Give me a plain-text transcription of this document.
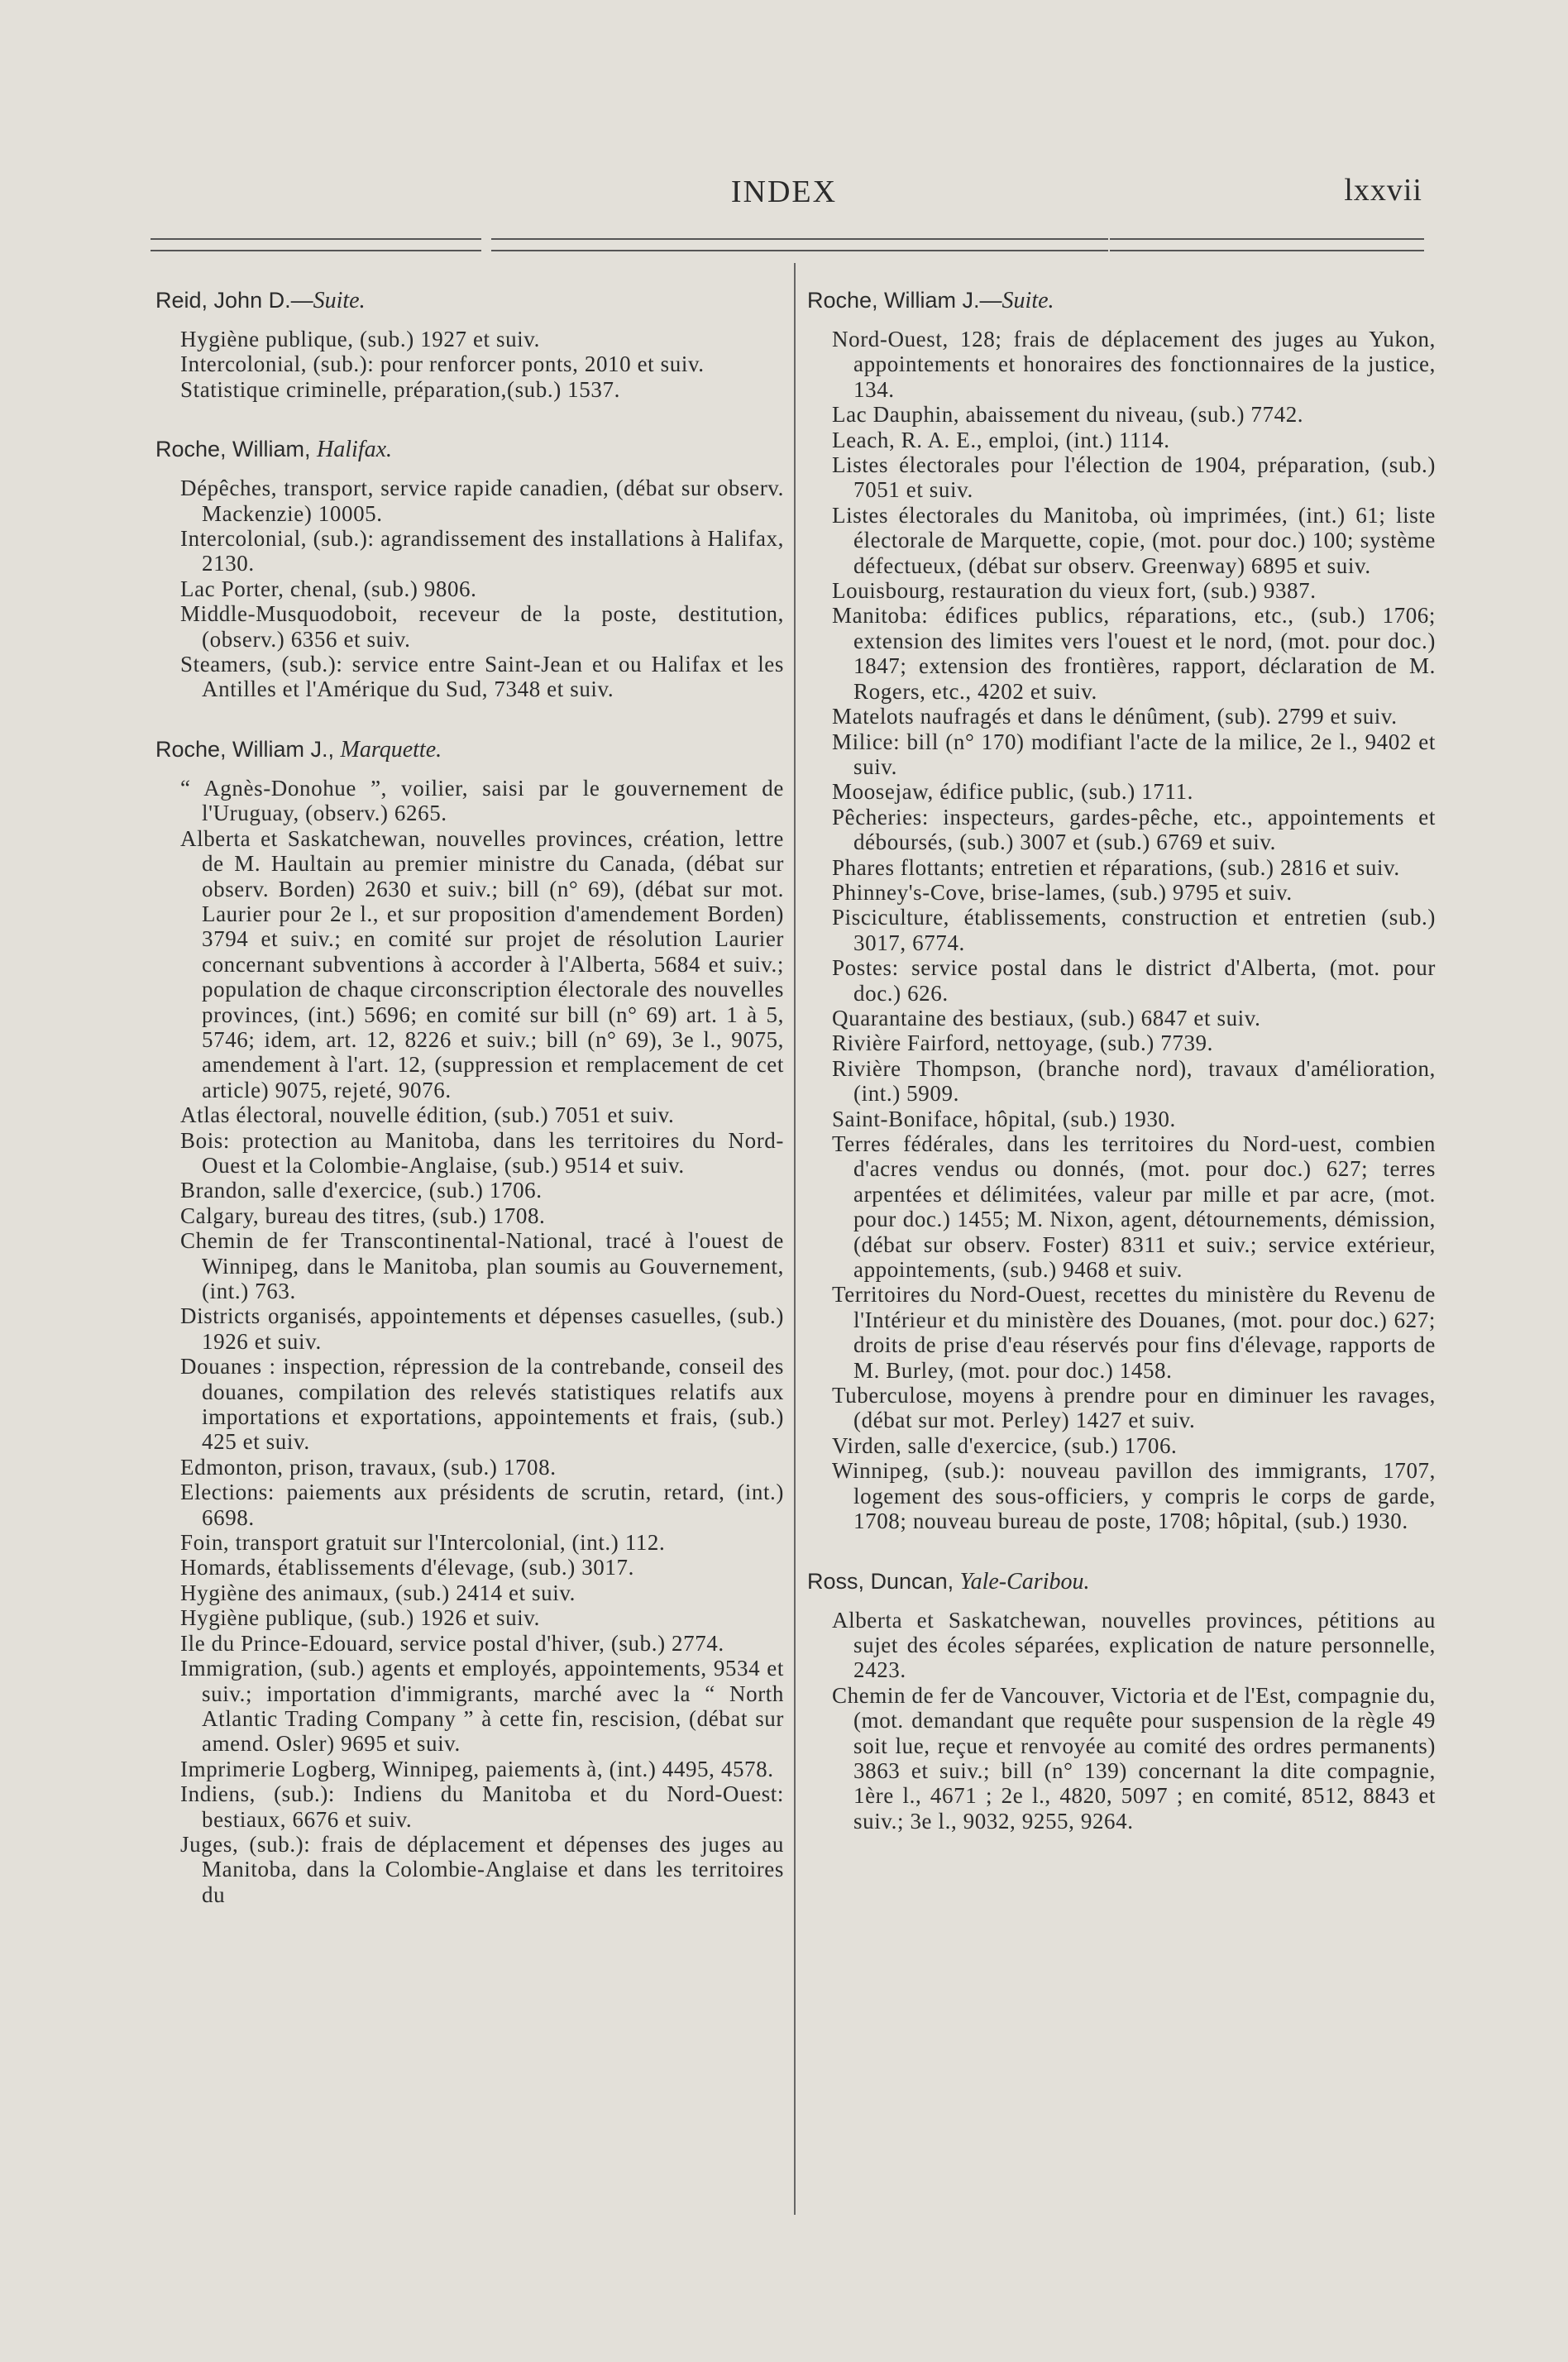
INDEX	lxxvii
Reid, John D.—Suite.
Hygiène publique, (sub.) 1927 et suiv.
Intercolonial, (sub.): pour renforcer ponts, 2010 et suiv.
Statistique criminelle, préparation,(sub.) 1537.
Roche, William, Halifax.
Dépêches, transport, service rapide canadien, (débat sur observ. Mackenzie) 10005.
Intercolonial, (sub.): agrandissement des installations à Halifax, 2130.
Lac Porter, chenal, (sub.) 9806.
Middle-Musquodoboit, receveur de la poste, destitution, (observ.) 6356 et suiv.
Steamers, (sub.): service entre Saint-Jean et ou Halifax et les Antilles et l'Amérique du Sud, 7348 et suiv.
Roche, William J., Marquette.
“ Agnès-Donohue ”, voilier, saisi par le gouvernement de l'Uruguay, (observ.) 6265.
Alberta et Saskatchewan, nouvelles provinces, création, lettre de M. Haultain au premier ministre du Canada, (débat sur observ. Borden) 2630 et suiv.; bill (n° 69), (débat sur mot. Laurier pour 2e l., et sur proposition d'amendement Borden) 3794 et suiv.; en comité sur projet de résolution Laurier concernant subventions à accorder à l'Alberta, 5684 et suiv.; population de chaque circonscription électorale des nouvelles provinces, (int.) 5696; en comité sur bill (n° 69) art. 1 à 5, 5746; idem, art. 12, 8226 et suiv.; bill (n° 69), 3e l., 9075, amendement à l'art. 12, (suppression et remplacement de cet article) 9075, rejeté, 9076.
Atlas électoral, nouvelle édition, (sub.) 7051 et suiv.
Bois: protection au Manitoba, dans les territoires du Nord-Ouest et la Colombie-Anglaise, (sub.) 9514 et suiv.
Brandon, salle d'exercice, (sub.) 1706.
Calgary, bureau des titres, (sub.) 1708.
Chemin de fer Transcontinental-National, tracé à l'ouest de Winnipeg, dans le Manitoba, plan soumis au Gouvernement, (int.) 763.
Districts organisés, appointements et dépenses casuelles, (sub.) 1926 et suiv.
Douanes : inspection, répression de la contrebande, conseil des douanes, compilation des relevés statistiques relatifs aux importations et exportations, appointements et frais, (sub.) 425 et suiv.
Edmonton, prison, travaux, (sub.) 1708.
Elections: paiements aux présidents de scrutin, retard, (int.) 6698.
Foin, transport gratuit sur l'Intercolonial, (int.) 112.
Homards, établissements d'élevage, (sub.) 3017.
Hygiène des animaux, (sub.) 2414 et suiv.
Hygiène publique, (sub.) 1926 et suiv.
Ile du Prince-Edouard, service postal d'hiver, (sub.) 2774.
Immigration, (sub.) agents et employés, appointements, 9534 et suiv.; importation d'immigrants, marché avec la “ North Atlantic Trading Company ” à cette fin, rescision, (débat sur amend. Osler) 9695 et suiv.
Imprimerie Logberg, Winnipeg, paiements à, (int.) 4495, 4578.
Indiens, (sub.): Indiens du Manitoba et du Nord-Ouest: bestiaux, 6676 et suiv.
Juges, (sub.): frais de déplacement et dépenses des juges au Manitoba, dans la Colombie-Anglaise et dans les territoires du
Roche, William J.—Suite.
Nord-Ouest, 128; frais de déplacement des juges au Yukon, appointements et honoraires des fonctionnaires de la justice, 134.
Lac Dauphin, abaissement du niveau, (sub.) 7742.
Leach, R. A. E., emploi, (int.) 1114.
Listes électorales pour l'élection de 1904, préparation, (sub.) 7051 et suiv.
Listes électorales du Manitoba, où imprimées, (int.) 61; liste électorale de Marquette, copie, (mot. pour doc.) 100; système défectueux, (débat sur observ. Greenway) 6895 et suiv.
Louisbourg, restauration du vieux fort, (sub.) 9387.
Manitoba: édifices publics, réparations, etc., (sub.) 1706; extension des limites vers l'ouest et le nord, (mot. pour doc.) 1847; extension des frontières, rapport, déclaration de M. Rogers, etc., 4202 et suiv.
Matelots naufragés et dans le dénûment, (sub). 2799 et suiv.
Milice: bill (n° 170) modifiant l'acte de la milice, 2e l., 9402 et suiv.
Moosejaw, édifice public, (sub.) 1711.
Pêcheries: inspecteurs, gardes-pêche, etc., appointements et déboursés, (sub.) 3007 et (sub.) 6769 et suiv.
Phares flottants; entretien et réparations, (sub.) 2816 et suiv.
Phinney's-Cove, brise-lames, (sub.) 9795 et suiv.
Pisciculture, établissements, construction et entretien (sub.) 3017, 6774.
Postes: service postal dans le district d'Alberta, (mot. pour doc.) 626.
Quarantaine des bestiaux, (sub.) 6847 et suiv.
Rivière Fairford, nettoyage, (sub.) 7739.
Rivière Thompson, (branche nord), travaux d'amélioration, (int.) 5909.
Saint-Boniface, hôpital, (sub.) 1930.
Terres fédérales, dans les territoires du Nord-uest, combien d'acres vendus ou donnés, (mot. pour doc.) 627; terres arpentées et délimitées, valeur par mille et par acre, (mot. pour doc.) 1455; M. Nixon, agent, détournements, démission, (débat sur observ. Foster) 8311 et suiv.; service extérieur, appointements, (sub.) 9468 et suiv.
Territoires du Nord-Ouest, recettes du ministère du Revenu de l'Intérieur et du ministère des Douanes, (mot. pour doc.) 627; droits de prise d'eau réservés pour fins d'élevage, rapports de M. Burley, (mot. pour doc.) 1458.
Tuberculose, moyens à prendre pour en diminuer les ravages, (débat sur mot. Perley) 1427 et suiv.
Virden, salle d'exercice, (sub.) 1706.
Winnipeg, (sub.): nouveau pavillon des immigrants, 1707, logement des sous-officiers, y compris le corps de garde, 1708; nouveau bureau de poste, 1708; hôpital, (sub.) 1930.
Ross, Duncan, Yale-Caribou.
Alberta et Saskatchewan, nouvelles provinces, pétitions au sujet des écoles séparées, explication de nature personnelle, 2423.
Chemin de fer de Vancouver, Victoria et de l'Est, compagnie du, (mot. demandant que requête pour suspension de la règle 49 soit lue, reçue et renvoyée au comité des ordres permanents) 3863 et suiv.; bill (n° 139) concernant la dite compagnie, 1ère l., 4671 ; 2e l., 4820, 5097 ; en comité, 8512, 8843 et suiv.; 3e l., 9032, 9255, 9264.
